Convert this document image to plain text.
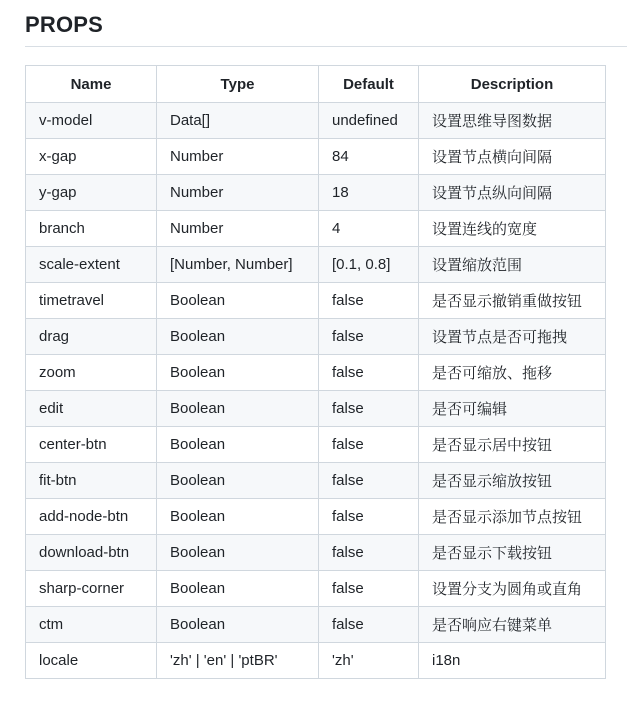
PROPS
Name	Type	Default	Description
v-model	Data[]	undefined	设置思维导图数据
x-gap	Number	84	设置节点横向间隔
y-gap	Number	18	设置节点纵向间隔
branch	Number	4	设置连线的宽度
scale-extent	[Number, Number]	[0.1, 0.8]	设置缩放范围
timetravel	Boolean	false	是否显示撤销重做按钮
drag	Boolean	false	设置节点是否可拖拽
zoom	Boolean	false	是否可缩放、拖移
edit	Boolean	false	是否可编辑
center-btn	Boolean	false	是否显示居中按钮
fit-btn	Boolean	false	是否显示缩放按钮
add-node-btn	Boolean	false	是否显示添加节点按钮
download-btn	Boolean	false	是否显示下载按钮
sharp-corner	Boolean	false	设置分支为圆角或直角
ctm	Boolean	false	是否响应右键菜单
locale	'zh' | 'en' | 'ptBR'	'zh'	i18n
